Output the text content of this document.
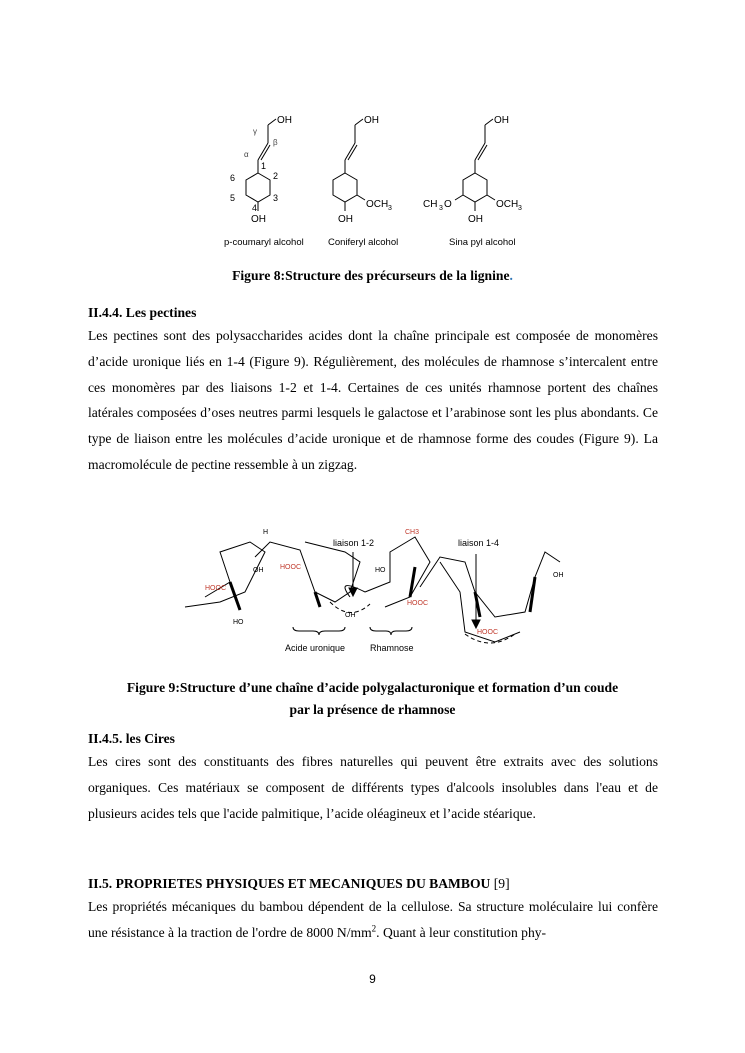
OH
γ
β
α
1
2
3
4
5
6
OH
OH
OCH 3
OH
OH
OCH 3
CH 3 O
OH
p-coumaryl alcohol	Coniferyl alcohol	Sina pyl alcohol
Figure 8:Structure des précurseurs de la lignine.
II.4.4. Les pectines
Les pectines sont des polysaccharides acides dont la chaîne principale est composée de monomères d’acide uronique liés en 1-4 (Figure 9). Régulièrement, des molécules de rhamnose s’intercalent entre ces monomères par des liaisons 1-2 et 1-4. Certaines de ces unités rhamnose portent des chaînes latérales composées d’oses neutres parmi lesquels le galactose et l’arabinose sont les plus abondants. Ce type de liaison entre les molécules d’acide uronique et de rhamnose forme des coudes (Figure 9). La macromolécule de pectine ressemble à un zigzag.
liaison 1-2	liaison 1-4
Acide uronique	Rhamnose
HOOC
HOOC
CH3
HOOC
HOOC
OH
OH
HO
HO
H
OH
Figure 9:Structure d’une chaîne d’acide polygalacturonique et formation d’un coude
par la présence de rhamnose
II.4.5. les Cires
Les cires sont des constituants des fibres naturelles qui peuvent être extraits avec des solutions organiques. Ces matériaux se composent de différents types d'alcools insolubles dans l'eau et de plusieurs acides tels que l'acide palmitique, l’acide oléagineux et l’acide stéarique.
II.5. PROPRIETES PHYSIQUES ET MECANIQUES DU BAMBOU [9]
Les propriétés mécaniques du bambou dépendent de la cellulose. Sa structure moléculaire lui confère une résistance à la traction de l'ordre de 8000 $N/mm^2$. Quant à leur constitution phy-
9
